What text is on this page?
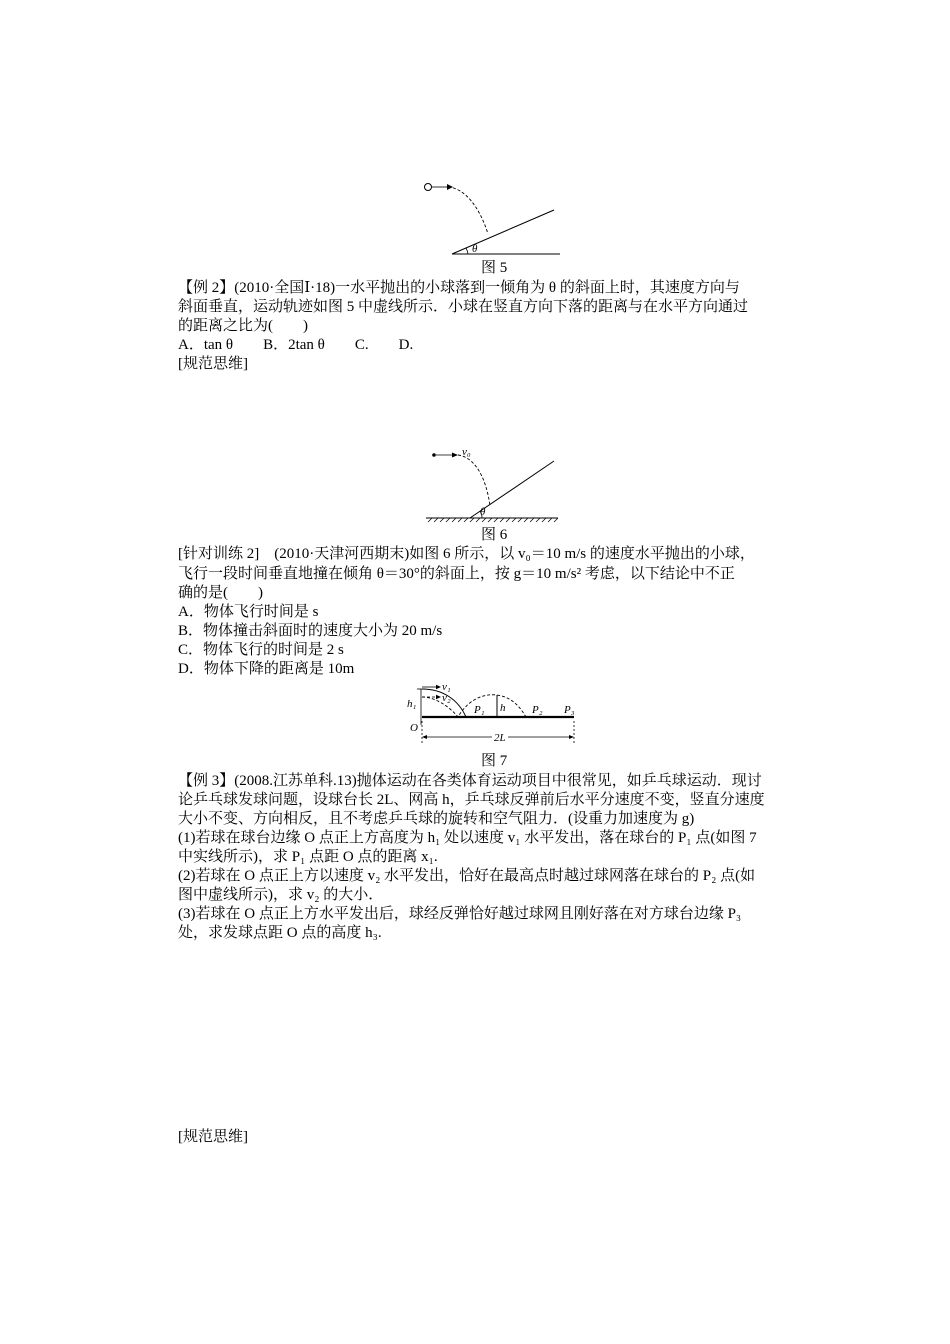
θ
图 5
【例 2】(2010·全国Ⅰ·18)一水平抛出的小球落到一倾角为 θ 的斜面上时，其速度方向与
斜面垂直，运动轨迹如图 5 中虚线所示．小球在竖直方向下落的距离与在水平方向通过
的距离之比为(　　)
A．tan θ　　B．2tan θ　　C.　　D.
[规范思维]
v₀
θ
图 6
[针对训练 2]　(2010·天津河西期末)如图 6 所示，以 v₀＝10 m/s 的速度水平抛出的小球，
飞行一段时间垂直地撞在倾角 θ＝30°的斜面上，按 g＝10 m/s² 考虑，以下结论中不正
确的是(　　)
A．物体飞行时间是 s
B．物体撞击斜面时的速度大小为 20 m/s
C．物体飞行的时间是 2 s
D．物体下降的距离是 10m
h₁
O
v₁
v₂
P₁ h P₂ P₃
2L
图 7
【例 3】(2008.江苏单科.13)抛体运动在各类体育运动项目中很常见，如乒乓球运动．现讨
论乒乓球发球问题，设球台长 2L、网高 h，乒乓球反弹前后水平分速度不变，竖直分速度
大小不变、方向相反，且不考虑乒乓球的旋转和空气阻力．(设重力加速度为 g)
(1)若球在球台边缘 O 点正上方高度为 h₁ 处以速度 v₁ 水平发出，落在球台的 P₁ 点(如图 7
中实线所示)，求 P₁ 点距 O 点的距离 x₁.
(2)若球在 O 点正上方以速度 v₂ 水平发出，恰好在最高点时越过球网落在球台的 P₂ 点(如
图中虚线所示)，求 v₂ 的大小．
(3)若球在 O 点正上方水平发出后，球经反弹恰好越过球网且刚好落在对方球台边缘 P₃
处，求发球点距 O 点的高度 h₃.
[规范思维]
